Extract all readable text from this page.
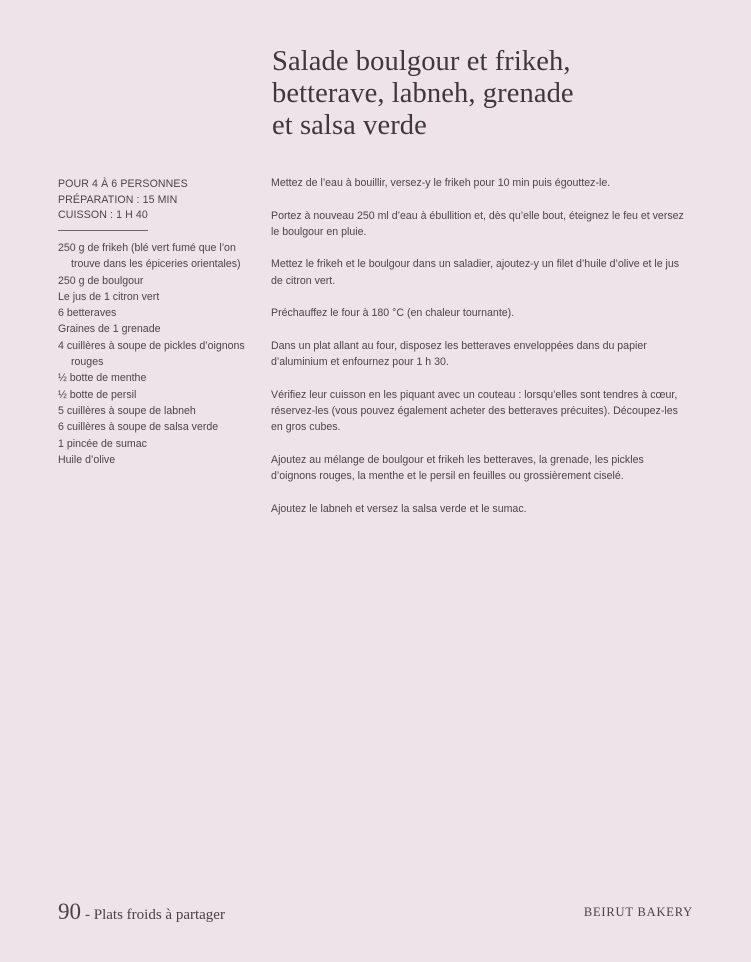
Salade boulgour et frikeh,
betterave, labneh, grenade
et salsa verde
POUR 4 À 6 PERSONNES
PRÉPARATION : 15 MIN
CUISSON : 1 H 40
250 g de frikeh (blé vert fumé que l’on trouve dans les épiceries orientales)
250 g de boulgour
Le jus de 1 citron vert
6 betteraves
Graines de 1 grenade
4 cuillères à soupe de pickles d’oignons rouges
½ botte de menthe
½ botte de persil
5 cuillères à soupe de labneh
6 cuillères à soupe de salsa verde
1 pincée de sumac
Huile d’olive

Mettez de l’eau à bouillir, versez-y le frikeh pour 10 min puis égouttez-le.

Portez à nouveau 250 ml d’eau à ébullition et, dès qu’elle bout, éteignez le feu et versez le boulgour en pluie.

Mettez le frikeh et le boulgour dans un saladier, ajoutez-y un filet d’huile d’olive et le jus de citron vert.

Préchauffez le four à 180 °C (en chaleur tournante).

Dans un plat allant au four, disposez les betteraves enveloppées dans du papier d’aluminium et enfournez pour 1 h 30.

Vérifiez leur cuisson en les piquant avec un couteau : lorsqu’elles sont tendres à cœur, réservez-les (vous pouvez également acheter des betteraves précuites). Découpez-les en gros cubes.

Ajoutez au mélange de boulgour et frikeh les betteraves, la grenade, les pickles d’oignons rouges, la menthe et le persil en feuilles ou grossièrement ciselé.

Ajoutez le labneh et versez la salsa verde et le sumac.

90 - Plats froids à partager	BEIRUT BAKERY
